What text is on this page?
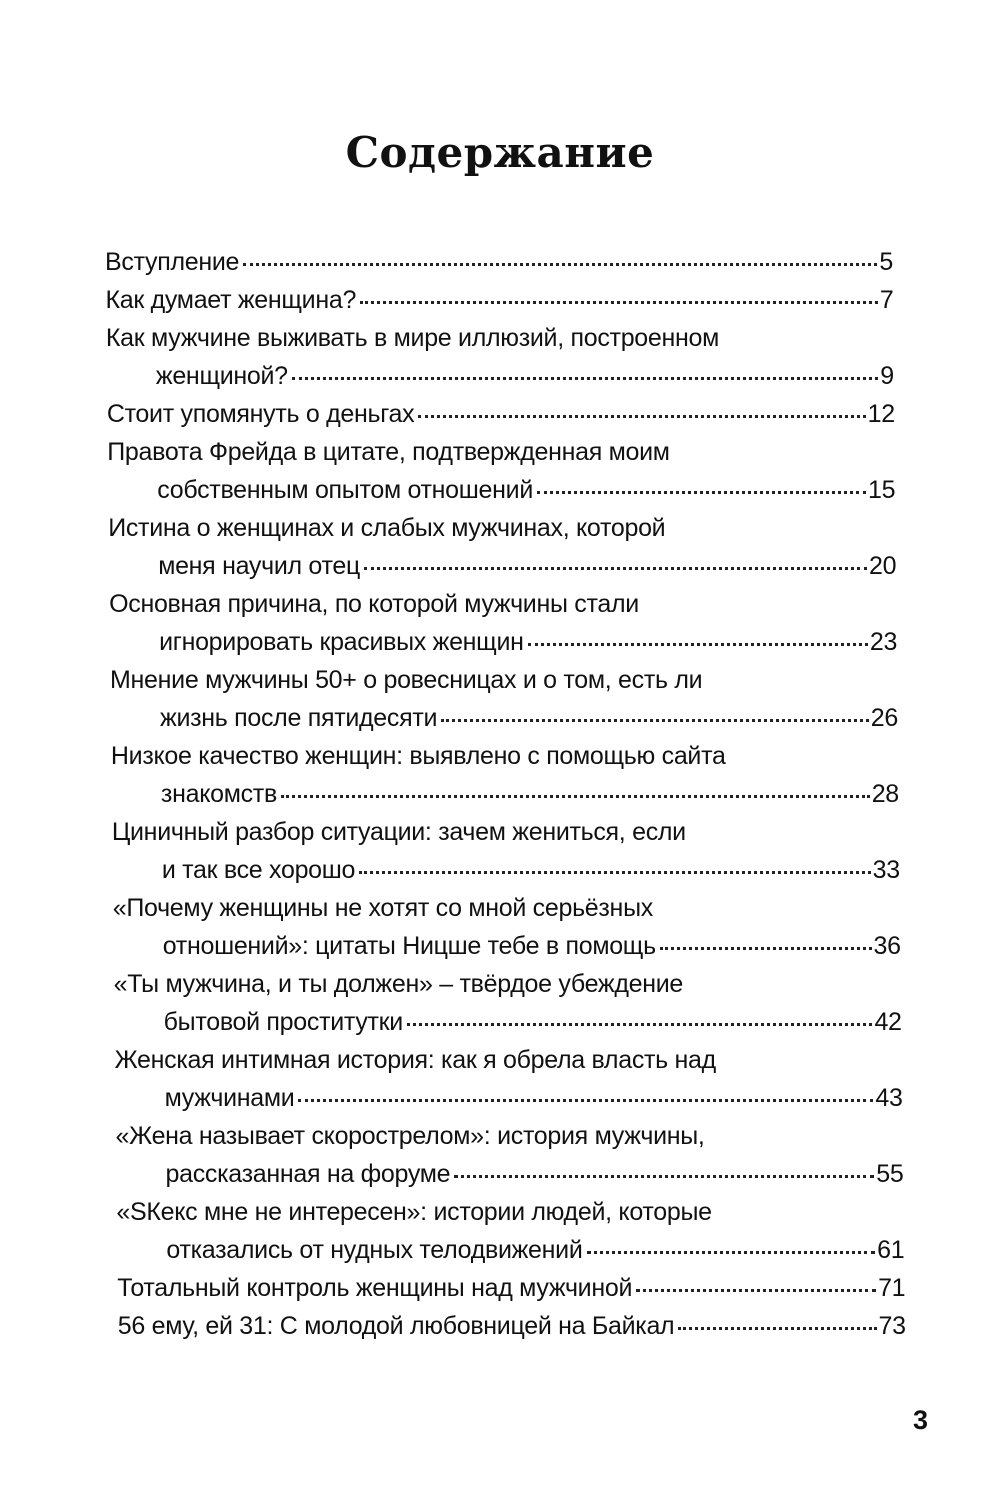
Содержание
Вступление	5
Как думает женщина?	7
Как мужчине выживать в мире иллюзий, построенном
женщиной?	9
Стоит упомянуть о деньгах	12
Правота Фрейда в цитате, подтвержденная моим
собственным опытом отношений	15
Истина о женщинах и слабых мужчинах, которой
меня научил отец	20
Основная причина, по которой мужчины стали
игнорировать красивых женщин	23
Мнение мужчины 50+ о ровесницах и о том, есть ли
жизнь после пятидесяти	26
Низкое качество женщин: выявлено с помощью сайта
знакомств	28
Циничный разбор ситуации: зачем жениться, если
и так все хорошо	33
«Почему женщины не хотят со мной серьёзных
отношений»: цитаты Ницше тебе в помощь	36
«Ты мужчина, и ты должен» – твёрдое убеждение
бытовой проститутки	42
Женская интимная история: как я обрела власть над
мужчинами	43
«Жена называет скорострелом»: история мужчины,
рассказанная на форуме	55
«SКекс мне не интересен»: истории людей, которые
отказались от нудных телодвижений	61
Тотальный контроль женщины над мужчиной	71
56 ему, ей 31: С молодой любовницей на Байкал	73
3
